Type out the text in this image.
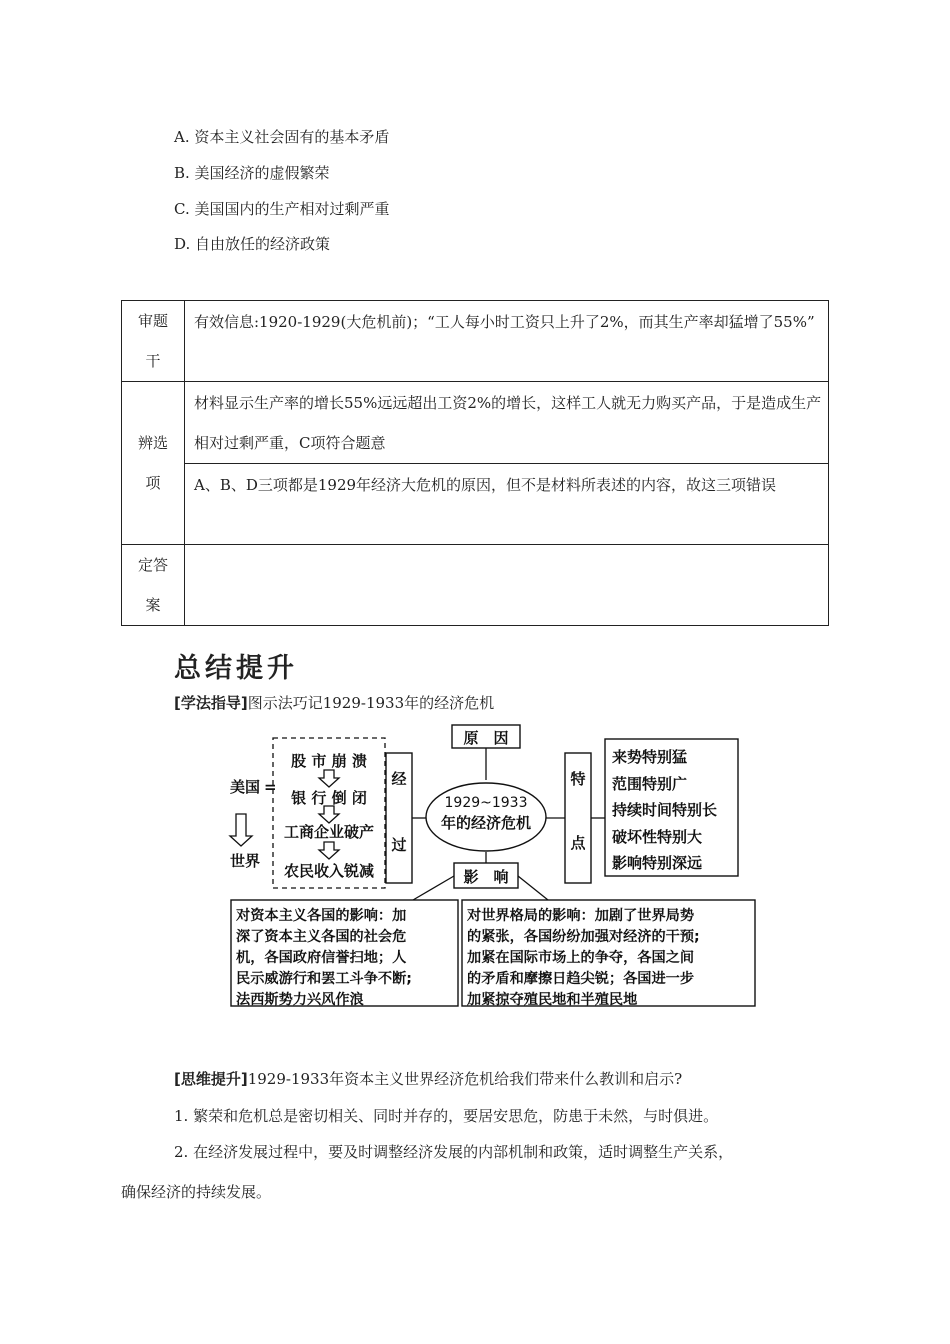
A. 资本主义社会固有的基本矛盾
B. 美国经济的虚假繁荣
C. 美国国内的生产相对过剩严重
D. 自由放任的经济政策
审题干	有效信息:1920-1929(大危机前)；“工人每小时工资只上升了2%，而其生产率却猛增了55%”

辨选项	材料显示生产率的增长55%远远超出工资2%的增长，这样工人就无力购买产品，于是造成生产相对过剩严重，C项符合题意
	A、B、D三项都是1929年经济大危机的原因，但不是材料所表述的内容，故这三项错误

定答案	

总结提升
[学法指导]图示法巧记1929-1933年的经济危机
股 市 崩 溃
银 行 倒 闭
工商企业破产
农民收入锐减
美国 =
世界
经
过
原　因
1929~1933
年的经济危机
特
点
来势特别猛
范围特别广
持续时间特别长
破坏性特别大
影响特别深远
影　响
对资本主义各国的影响：加
深了资本主义各国的社会危
机，各国政府信誉扫地；人
民示威游行和罢工斗争不断;
法西斯势力兴风作浪
对世界格局的影响：加剧了世界局势
的紧张，各国纷纷加强对经济的干预;
加紧在国际市场上的争夺，各国之间
的矛盾和摩擦日趋尖锐；各国进一步
加紧掠夺殖民地和半殖民地
[思维提升]1929-1933年资本主义世界经济危机给我们带来什么教训和启示?
1. 繁荣和危机总是密切相关、同时并存的，要居安思危，防患于未然，与时俱进。
2. 在经济发展过程中，要及时调整经济发展的内部机制和政策，适时调整生产关系，
确保经济的持续发展。
